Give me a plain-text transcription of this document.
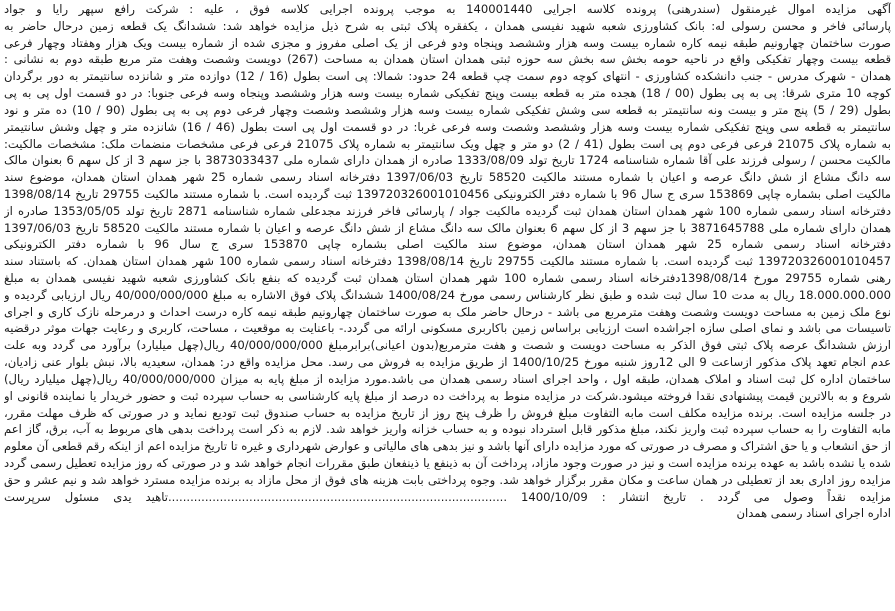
آگهی مزایده اموال غیرمنقول (سندرهنی) پرونده کلاسه اجرایی 140001440 به موجب پرونده اجرایی کلاسه فوق ، علیه : شرکت رافع سپهر رایا و جواد
پارسائی فاخر و محسن رسولی له: بانک کشاورزی شعبه شهید نفیسی همدان ، یکفقره پلاک ثبتی به شرح ذیل مزایده خواهد شد: ششدانگ یک قطعه زمین درحال حاضر به
صورت ساختمان چهارونیم طبقه نیمه کاره شماره بیست وسه هزار وششصد وپنجاه ودو فرعی از یک اصلی مفروز و مجزی شده از شماره بیست ویک هزار وهفتاد وچهار فرعی
قطعه بیست وچهار تفکیکی واقع در ناحیه حومه بخش سه بخش سه حوزه ثبتی همدان استان همدان به مساحت (267) دویست وشصت وهفت متر مربع طبقه دوم به نشانی :
همدان - شهرک مدرس - جنب دانشکده کشاورزی - انتهای کوچه دوم سمت چپ قطعه 24 حدود: شمالا: پی است بطول (16 / 12) دوازده متر و شانزده سانتیمتر به دور برگردان
کوچه 10 متری شرقا: پی به پی بطول (00 / 18) هجده متر به قطعه بیست وپنج تفکیکی شماره بیست وسه هزار وششصد وپنجاه وسه فرعی جنوبا: در دو قسمت اول پی به پی
بطول (29 / 5) پنج متر و بیست ونه سانتیمتر به قطعه سی وشش تفکیکی شماره بیست وسه هزار وششصد وشصت وچهار فرعی دوم پی به پی بطول (90 / 10) ده متر و نود
سانتیمتر به قطعه سی وپنج تفکیکی شماره بیست وسه هزار وششصد وشصت وسه فرعی غربا: در دو قسمت اول پی است بطول (46 / 16) شانزده متر و چهل وشش سانتیمتر
به شماره پلاک 21075 فرعی فرعی دوم پی است بطول (41 / 2) دو متر و چهل ویک سانتیمتر به شماره پلاک 21075 فرعی فرعی مشخصات منضمات ملک: مشخصات مالکیت:
مالکیت محسن / رسولی فرزند علی آقا شماره شناسنامه 1724 تاریخ تولد 1333/08/09 صادره از همدان دارای شماره ملی 3873033437 با جز سهم 3 از کل سهم 6 بعنوان مالک
سه دانگ مشاع از شش دانگ عرصه و اعیان با شماره مستند مالکیت 58520 تاریخ 1397/06/03 دفترخانه اسناد رسمی شماره 25 شهر همدان استان همدان، موضوع سند
مالکیت اصلی بشماره چاپی 153869 سری ج سال 96 با شماره دفتر الکترونیکی 139720326001010456 ثبت گردیده است. با شماره مستند مالکیت 29755 تاریخ 1398/08/14
دفترخانه اسناد رسمی شماره 100 شهر همدان استان همدان ثبت گردیده مالکیت جواد / پارسائی فاخر فرزند مجدعلی شماره شناسنامه 2871 تاریخ تولد 1353/05/05 صادره از
همدان دارای شماره ملی 3871645788 با جز سهم 3 از کل سهم 6 بعنوان مالک سه دانگ مشاع از شش دانگ عرصه و اعیان با شماره مستند مالکیت 58520 تاریخ 1397/06/03
دفترخانه اسناد رسمی شماره 25 شهر همدان استان همدان، موضوع سند مالکیت اصلی بشماره چاپی 153870 سری ج سال 96 با شماره دفتر الکترونیکی
139720326001010457 ثبت گردیده است. با شماره مستند مالکیت 29755 تاریخ 1398/08/14 دفترخانه اسناد رسمی شماره 100 شهر همدان استان همدان. که باستناد سند
رهنی شماره 29755 مورخ 1398/08/14دفترخانه اسناد رسمی شماره 100 شهر همدان استان همدان ثبت گردیده که بنفع بانک کشاورزی شعبه شهید نفیسی همدان به مبلغ
18.000.000.000 ریال به مدت 10 سال ثبت شده و طبق نظر کارشناس رسمی مورخ 1400/08/24 ششدانگ پلاک فوق الاشاره به مبلغ 40/000/000/000 ریال ارزیابی گردیده و
نوع ملک زمین به مساحت دویست وشصت وهفت مترمربع می باشد - درحال حاضر ملک به صورت ساختمان چهارونیم طبقه نیمه کاره درست احداث و درمرحله نازک کاری و اجرای
تاسیسات می باشد و نمای اصلی سازه اجراشده است ارزیابی براساس زمین باکاربری مسکونی ارائه می گردد.- باعنایت به موقعیت ، مساحت، کاربری و رعایت جهات موثر درقضیه
ارزش ششدانگ عرصه پلاک ثبتی فوق الذکر به مساحت دویست و شصت و هفت مترمربع(بدون اعیانی)برابرمبلغ 40/000/000/000 ریال(چهل میلیارد) برآورد می گردد وبه علت
عدم انجام تعهد پلاک مذکور ازساعت 9 الی 12روز شنبه مورخ 1400/10/25 از طریق مزایده به فروش می رسد. محل مزایده واقع در: همدان، سعیدیه بالا، نبش بلوار عنی زادیان،
ساختمان اداره کل ثبت اسناد و املاک همدان، طبقه اول ، واحد اجرای اسناد رسمی همدان می باشد.مورد مزایده از مبلغ پایه به میزان 40/000/000/000 ریال(چهل میلیارد ریال)
شروع و به بالاترین قیمت پیشنهادی نقدا فروخته میشود.شرکت در مزایده منوط به پرداخت ده درصد از مبلغ پایه کارشناسی به حساب سپرده ثبت و حضور خریدار یا نماینده قانونی او
در جلسه مزایده است. برنده مزایده مکلف است مابه التفاوت مبلغ فروش را ظرف پنج روز از تاریخ مزایده به حساب صندوق ثبت تودیع نماید و در صورتی که ظرف مهلت مقرر،
مابه التفاوت را به حساب سپرده ثبت واریز نکند، مبلغ مذکور قابل استرداد نبوده و به حساب خزانه واریز خواهد شد. لازم به ذکر است پرداخت بدهی های مربوط به آب، برق، گاز اعم
از حق انشعاب و یا حق اشتراک و مصرف در صورتی که مورد مزایده دارای آنها باشد و نیز بدهی های مالیاتی و عوارض شهرداری و غیره تا تاریخ مزایده اعم از اینکه رقم قطعی آن معلوم
شده یا نشده باشد به عهده برنده مزایده است و نیز در صورت وجود مازاد، پرداخت آن به ذینفع یا ذینفعان طبق مقررات انجام خواهد شد و در صورتی که روز مزایده تعطیل رسمی گردد
مزایده روز اداری بعد از تعطیلی در همان ساعت و مکان مقرر برگزار خواهد شد. وجوه پرداختی بابت هزینه های فوق از محل مازاد به برنده مزایده مسترد خواهد شد و نیم عشر و حق
مزایده نقداً وصول می گردد . تاریخ انتشار : 1400/10/09 ............................................................................................تاهید یدی مسئول سرپرست
اداره اجرای اسناد رسمی همدان
